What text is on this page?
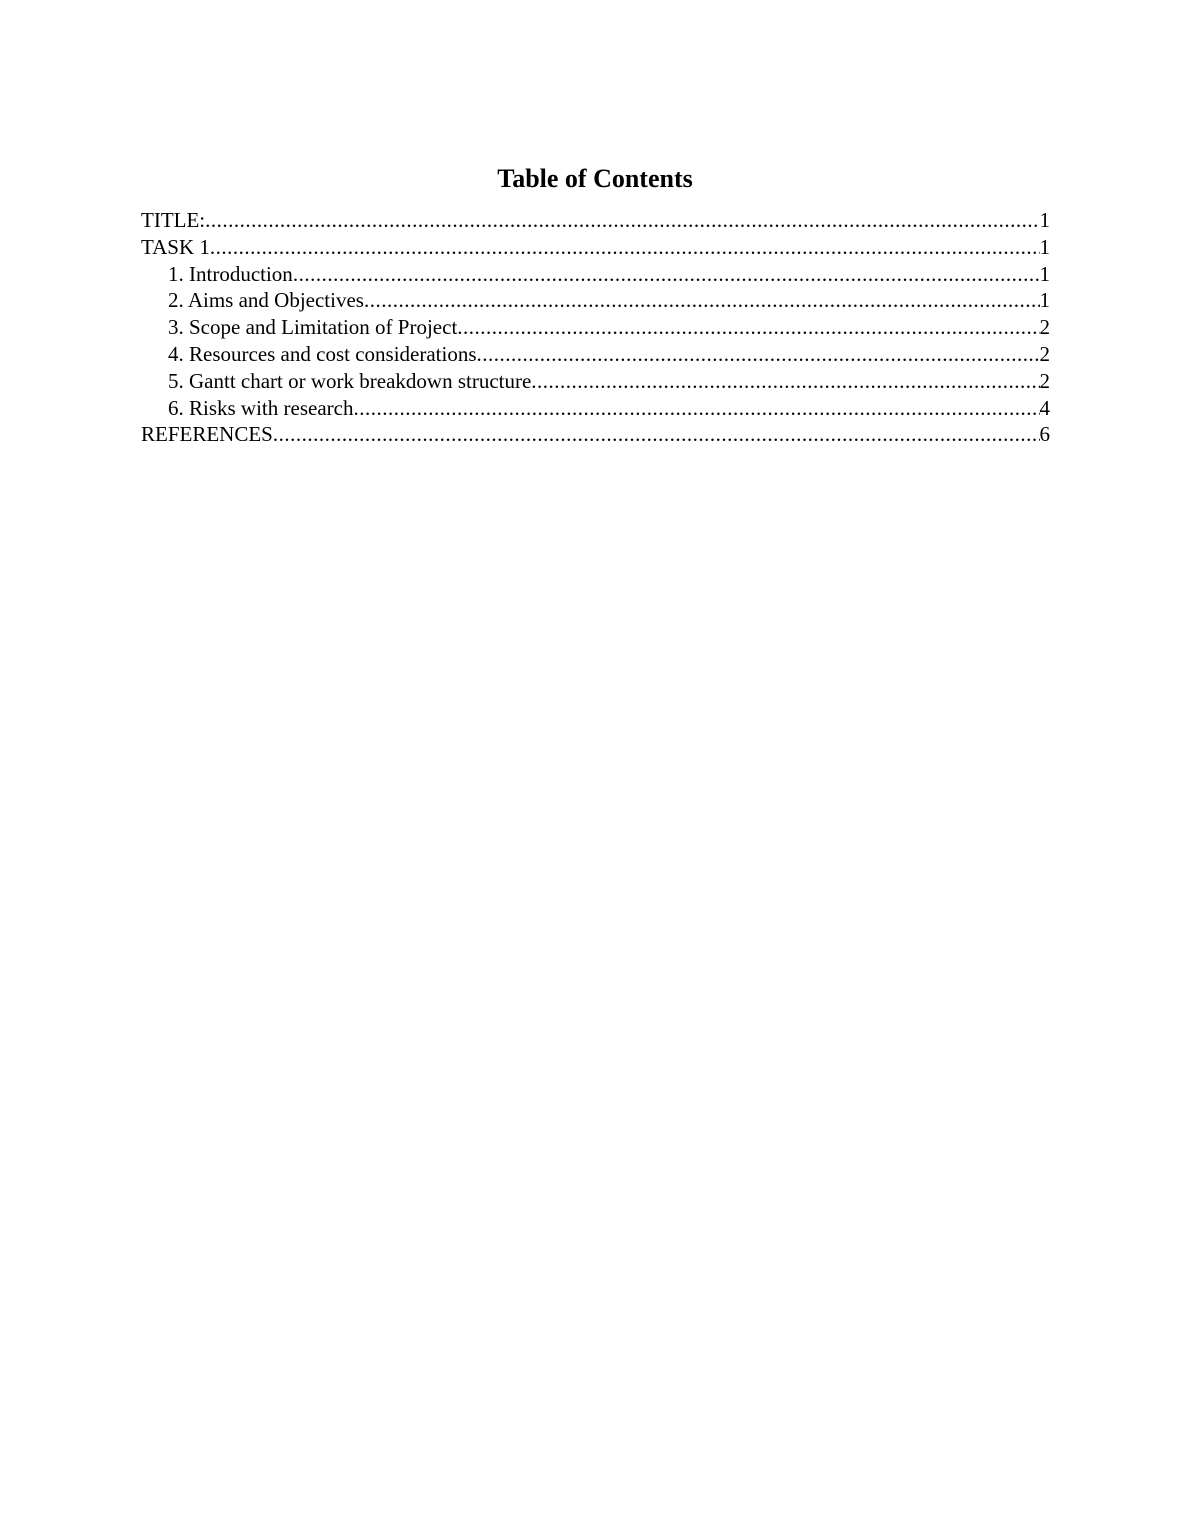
Table of Contents
TITLE: .....	1
TASK 1 .....	1
1. Introduction .....	1
2. Aims and Objectives .....	1
3. Scope and Limitation of Project .....	2
4. Resources and cost considerations .....	2
5. Gantt chart or work breakdown structure .....	2
6. Risks with research .....	4
REFERENCES .....	6
